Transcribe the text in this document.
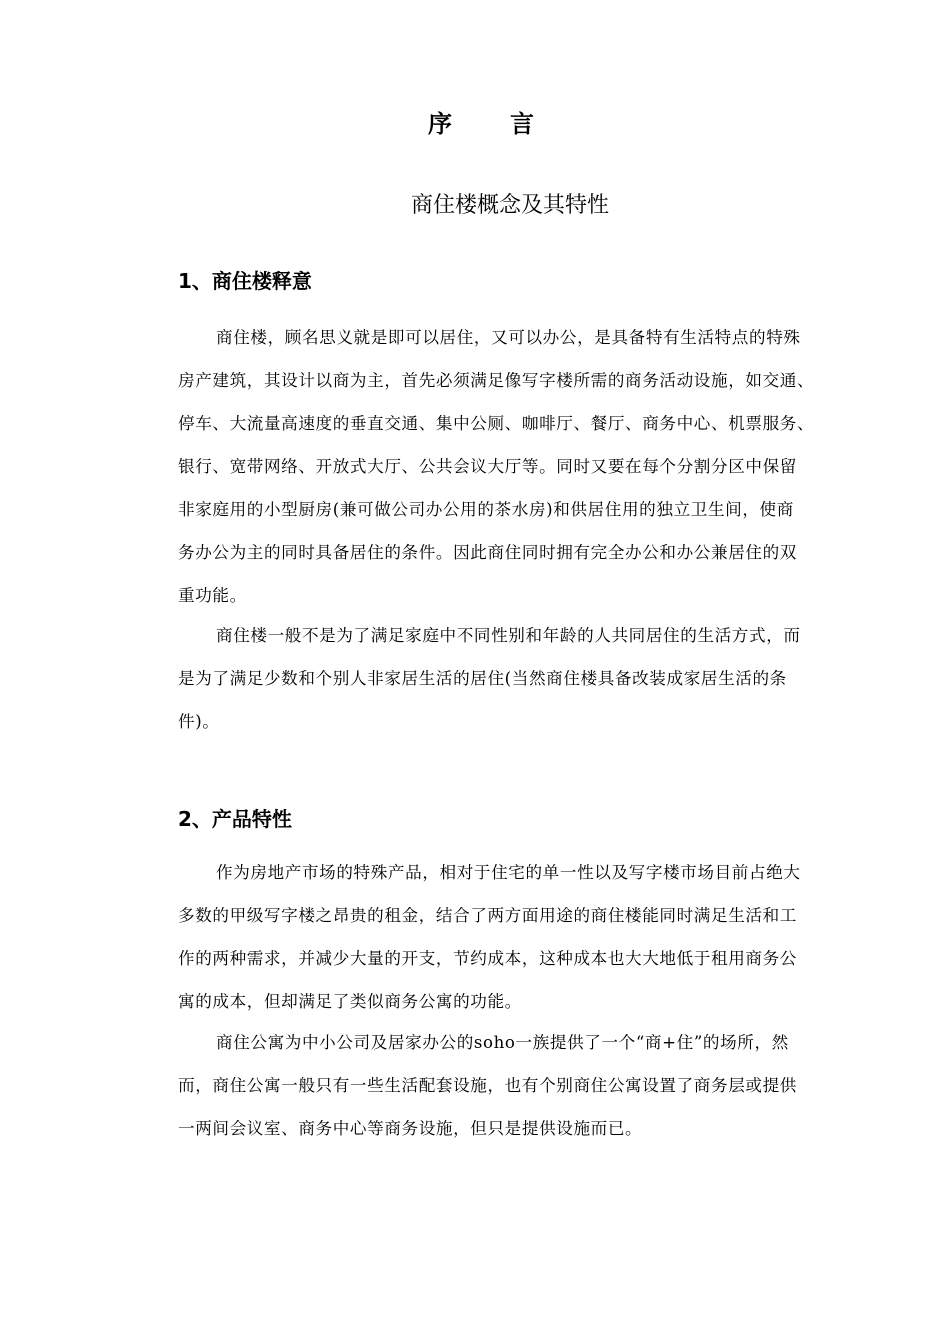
序言
商住楼概念及其特性
1、商住楼释意

商住楼，顾名思义就是即可以居住，又可以办公，是具备特有生活特点的特殊
房产建筑，其设计以商为主，首先必须满足像写字楼所需的商务活动设施，如交通、
停车、大流量高速度的垂直交通、集中公厕、咖啡厅、餐厅、商务中心、机票服务、
银行、宽带网络、开放式大厅、公共会议大厅等。同时又要在每个分割分区中保留
非家庭用的小型厨房(兼可做公司办公用的茶水房)和供居住用的独立卫生间，使商
务办公为主的同时具备居住的条件。因此商住同时拥有完全办公和办公兼居住的双
重功能。

商住楼一般不是为了满足家庭中不同性别和年龄的人共同居住的生活方式，而
是为了满足少数和个别人非家居生活的居住(当然商住楼具备改装成家居生活的条
件)。

2、产品特性

作为房地产市场的特殊产品，相对于住宅的单一性以及写字楼市场目前占绝大
多数的甲级写字楼之昂贵的租金，结合了两方面用途的商住楼能同时满足生活和工
作的两种需求，并减少大量的开支，节约成本，这种成本也大大地低于租用商务公
寓的成本，但却满足了类似商务公寓的功能。

商住公寓为中小公司及居家办公的soho一族提供了一个“商+住”的场所，然
而，商住公寓一般只有一些生活配套设施，也有个别商住公寓设置了商务层或提供
一两间会议室、商务中心等商务设施，但只是提供设施而已。
